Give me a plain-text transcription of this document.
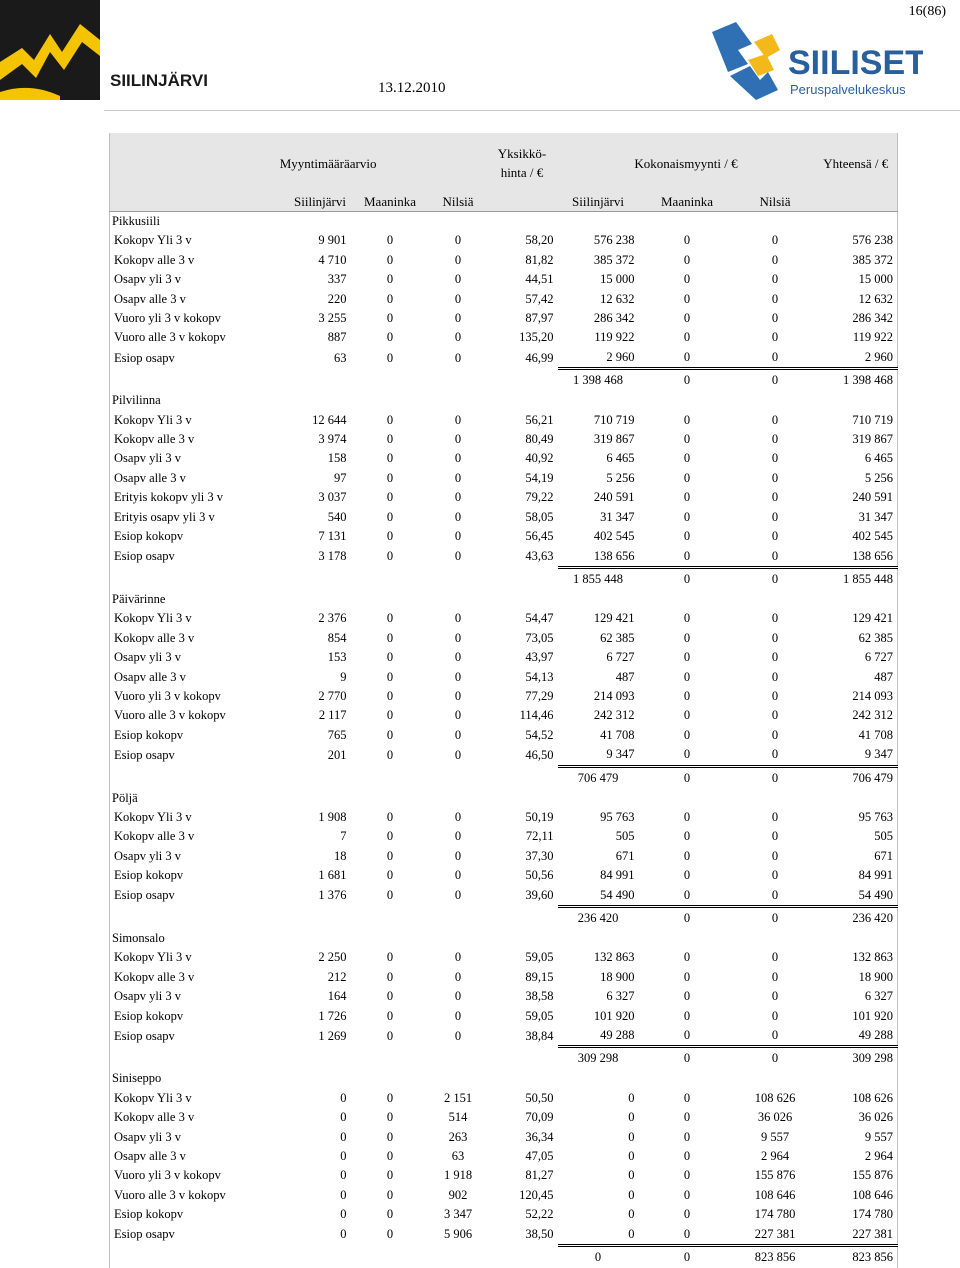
16(86)
SIILINJÄRVI	13.12.2010
SIILISET
Peruspalvelukeskus
Myyntimääräarvio				Yksikkö-hinta / €	Kokonaismyynti / €			Yhteensä / €
	Siilinjärvi	Maaninka	Nilsiä		Siilinjärvi	Maaninka	Nilsiä	
Pikkusiili								
Kokopv Yli 3 v	9 901	0	0	58,20	576 238	0	0	576 238
Kokopv alle 3 v	4 710	0	0	81,82	385 372	0	0	385 372
Osapv yli 3 v	337	0	0	44,51	15 000	0	0	15 000
Osapv alle 3 v	220	0	0	57,42	12 632	0	0	12 632
Vuoro yli 3 v kokopv	3 255	0	0	87,97	286 342	0	0	286 342
Vuoro alle 3 v kokopv	887	0	0	135,20	119 922	0	0	119 922
Esiop osapv	63	0	0	46,99	2 960	0	0	2 960
					1 398 468	0	0	1 398 468
Pilvilinna								
Kokopv Yli 3 v	12 644	0	0	56,21	710 719	0	0	710 719
Kokopv alle 3 v	3 974	0	0	80,49	319 867	0	0	319 867
Osapv yli 3 v	158	0	0	40,92	6 465	0	0	6 465
Osapv alle 3 v	97	0	0	54,19	5 256	0	0	5 256
Erityis kokopv yli 3 v	3 037	0	0	79,22	240 591	0	0	240 591
Erityis osapv yli 3 v	540	0	0	58,05	31 347	0	0	31 347
Esiop kokopv	7 131	0	0	56,45	402 545	0	0	402 545
Esiop osapv	3 178	0	0	43,63	138 656	0	0	138 656
					1 855 448	0	0	1 855 448
Päivärinne								
Kokopv Yli 3 v	2 376	0	0	54,47	129 421	0	0	129 421
Kokopv alle 3 v	854	0	0	73,05	62 385	0	0	62 385
Osapv yli 3 v	153	0	0	43,97	6 727	0	0	6 727
Osapv alle 3 v	9	0	0	54,13	487	0	0	487
Vuoro yli 3 v kokopv	2 770	0	0	77,29	214 093	0	0	214 093
Vuoro alle 3 v kokopv	2 117	0	0	114,46	242 312	0	0	242 312
Esiop kokopv	765	0	0	54,52	41 708	0	0	41 708
Esiop osapv	201	0	0	46,50	9 347	0	0	9 347
					706 479	0	0	706 479
Pöljä								
Kokopv Yli 3 v	1 908	0	0	50,19	95 763	0	0	95 763
Kokopv alle 3 v	7	0	0	72,11	505	0	0	505
Osapv yli 3 v	18	0	0	37,30	671	0	0	671
Esiop kokopv	1 681	0	0	50,56	84 991	0	0	84 991
Esiop osapv	1 376	0	0	39,60	54 490	0	0	54 490
					236 420	0	0	236 420
Simonsalo								
Kokopv Yli 3 v	2 250	0	0	59,05	132 863	0	0	132 863
Kokopv alle 3 v	212	0	0	89,15	18 900	0	0	18 900
Osapv yli 3 v	164	0	0	38,58	6 327	0	0	6 327
Esiop kokopv	1 726	0	0	59,05	101 920	0	0	101 920
Esiop osapv	1 269	0	0	38,84	49 288	0	0	49 288
					309 298	0	0	309 298
Siniseppo								
Kokopv Yli 3 v	0	0	2 151	50,50	0	0	108 626	108 626
Kokopv alle 3 v	0	0	514	70,09	0	0	36 026	36 026
Osapv yli 3 v	0	0	263	36,34	0	0	9 557	9 557
Osapv alle 3 v	0	0	63	47,05	0	0	2 964	2 964
Vuoro yli 3 v kokopv	0	0	1 918	81,27	0	0	155 876	155 876
Vuoro alle 3 v kokopv	0	0	902	120,45	0	0	108 646	108 646
Esiop kokopv	0	0	3 347	52,22	0	0	174 780	174 780
Esiop osapv	0	0	5 906	38,50	0	0	227 381	227 381
					0	0	823 856	823 856
